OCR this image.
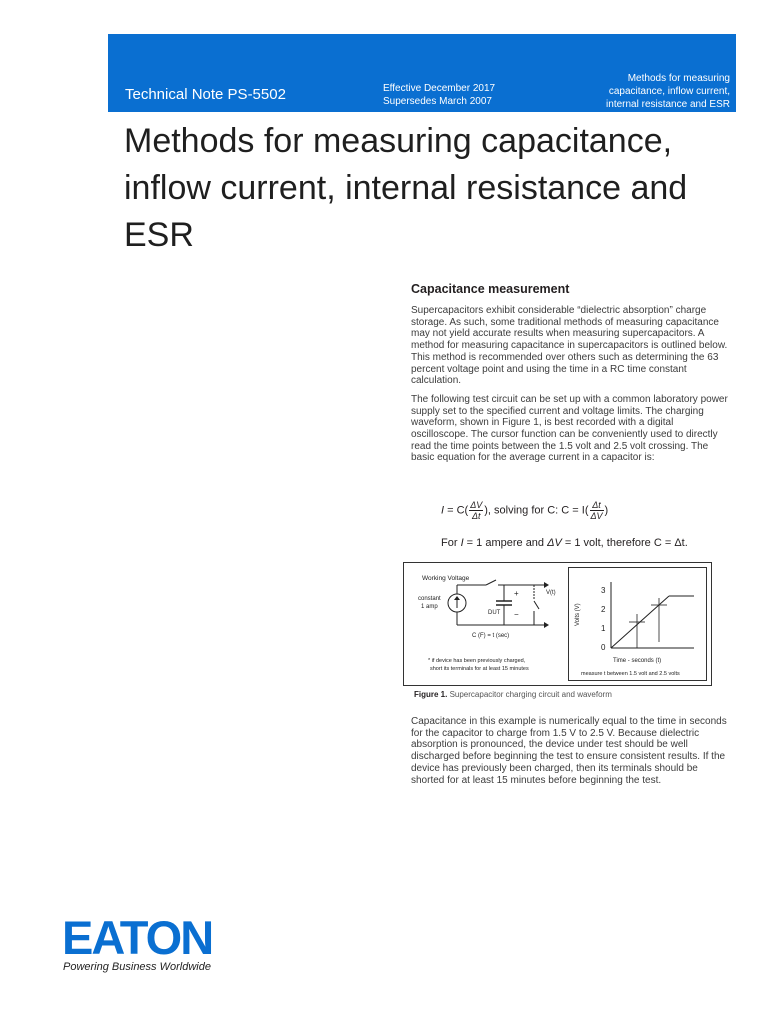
Technical Note PS-5502	Effective December 2017
Supersedes March 2007
Methods for measuring
capacitance, inflow current,
internal resistance and ESR
Methods for measuring capacitance,
inflow current, internal resistance and
ESR
Capacitance measurement

Supercapacitors exhibit considerable “dielectric absorption” charge storage. As such, some traditional methods of measuring capacitance may not yield accurate results when measuring supercapacitors. A method for measuring capacitance in supercapacitors is outlined below. This method is recommended over others such as determining the 63 percent voltage point and using the time in a RC time constant calculation.

The following test circuit can be set up with a common laboratory power supply set to the specified current and voltage limits. The charging waveform, shown in Figure 1, is best recorded with a digital oscilloscope. The cursor function can be conveniently used to directly read the time points between the 1.5 volt and 2.5 volt crossing. The basic equation for the average current in a capacitor is:

$I = C( \frac{\Delta V}{\Delta t}$ ), solving for C: $C = I( \frac{\Delta t}{\Delta V}$ )
For I = 1 ampere and ΔV = 1 volt, therefore C = Δt.
Working Voltage
constant
1 amp
V(t)
+
−
DUT
C (F) = t (sec)
* if device has been previously charged,
short its terminals for at least 15 minutes
Volts (V)
3
2
1
0
Time - seconds (t)
measure t between 1.5 volt and 2.5 volts
Figure 1. Supercapacitor charging circuit and waveform

Capacitance in this example is numerically equal to the time in seconds for the capacitor to charge from 1.5 V to 2.5 V. Because dielectric absorption is pronounced, the device under test should be well discharged before beginning the test to ensure consistent results. If the device has previously been charged, then its terminals should be shorted for at least 15 minutes before beginning the test.

EATON
Powering Business Worldwide
